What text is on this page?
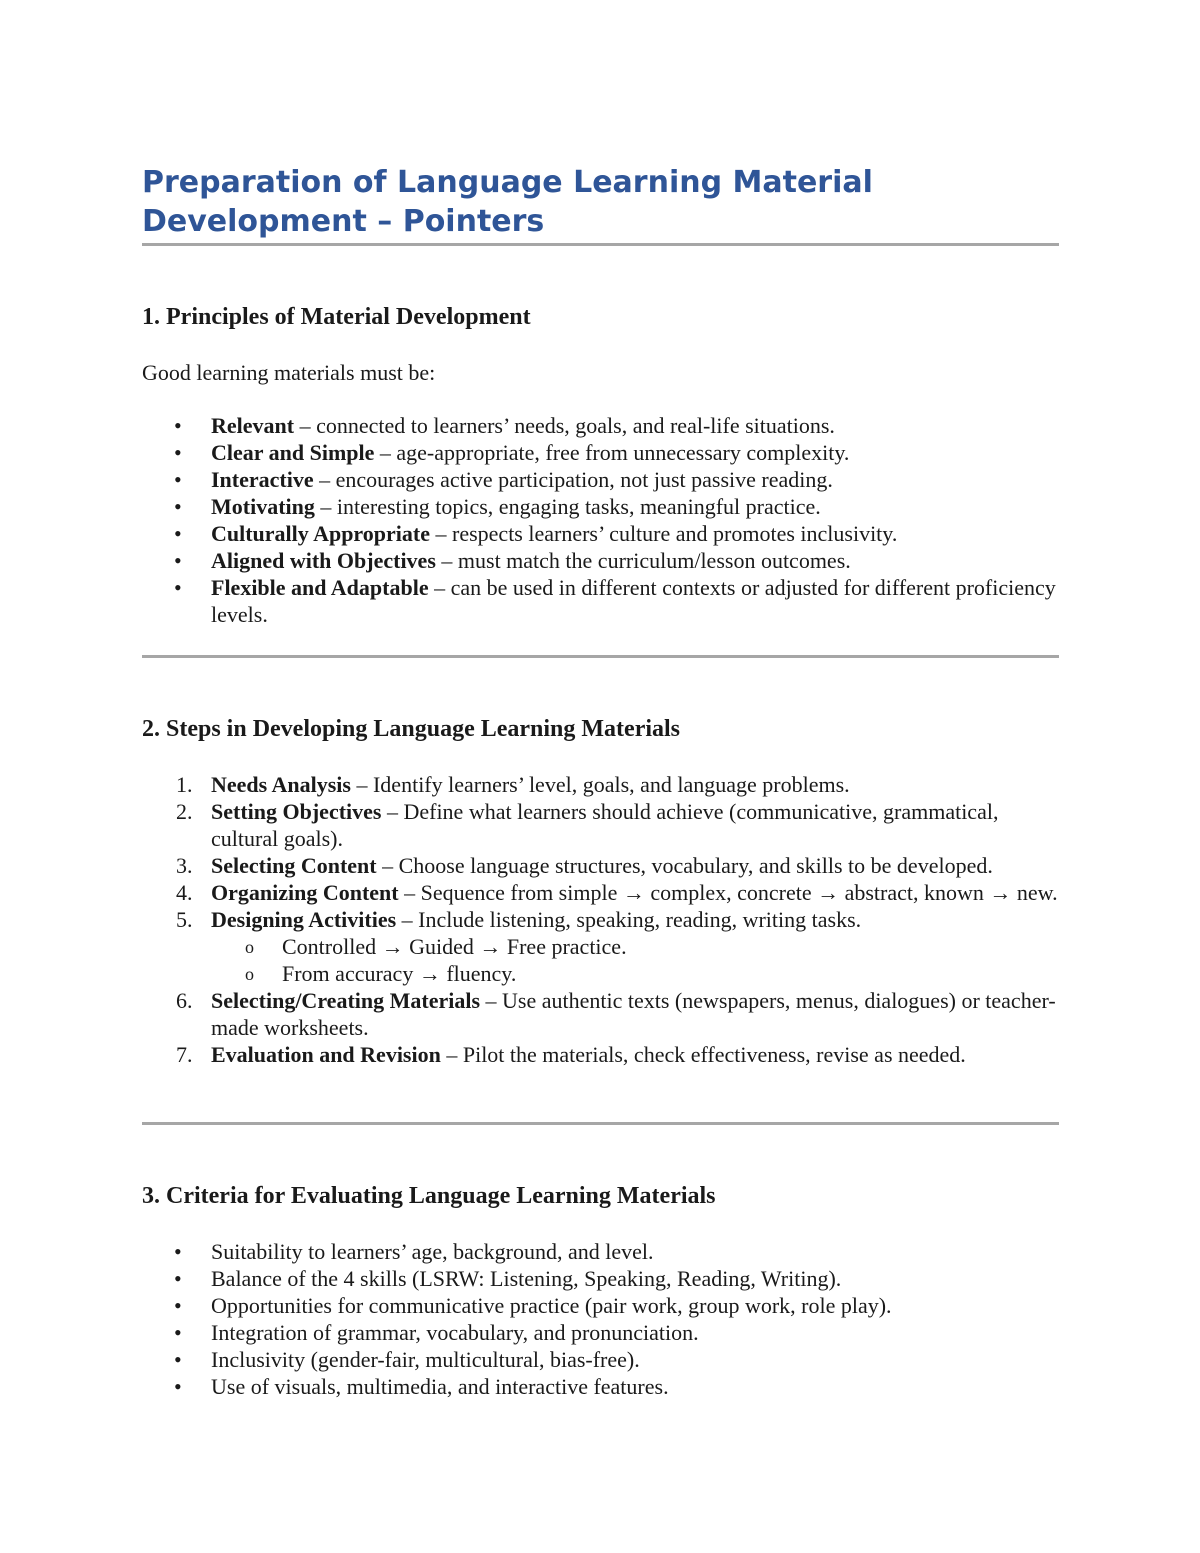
Preparation of Language Learning Material
Development – Pointers
1. Principles of Material Development

Good learning materials must be:

•	Relevant – connected to learners’ needs, goals, and real-life situations.
•	Clear and Simple – age-appropriate, free from unnecessary complexity.
•	Interactive – encourages active participation, not just passive reading.
•	Motivating – interesting topics, engaging tasks, meaningful practice.
•	Culturally Appropriate – respects learners’ culture and promotes inclusivity.
•	Aligned with Objectives – must match the curriculum/lesson outcomes.
•	Flexible and Adaptable – can be used in different contexts or adjusted for different proficiency levels.
2. Steps in Developing Language Learning Materials
1. Needs Analysis – Identify learners’ level, goals, and language problems.
2. Setting Objectives – Define what learners should achieve (communicative, grammatical, cultural goals).
3. Selecting Content – Choose language structures, vocabulary, and skills to be developed.
4. Organizing Content – Sequence from simple → complex, concrete → abstract, known → new.
5. Designing Activities – Include listening, speaking, reading, writing tasks.
o	Controlled → Guided → Free practice.
o	From accuracy → fluency.
6. Selecting/Creating Materials – Use authentic texts (newspapers, menus, dialogues) or teacher-made worksheets.
7. Evaluation and Revision – Pilot the materials, check effectiveness, revise as needed.
3. Criteria for Evaluating Language Learning Materials
•	Suitability to learners’ age, background, and level.
•	Balance of the 4 skills (LSRW: Listening, Speaking, Reading, Writing).
•	Opportunities for communicative practice (pair work, group work, role play).
•	Integration of grammar, vocabulary, and pronunciation.
•	Inclusivity (gender-fair, multicultural, bias-free).
•	Use of visuals, multimedia, and interactive features.
